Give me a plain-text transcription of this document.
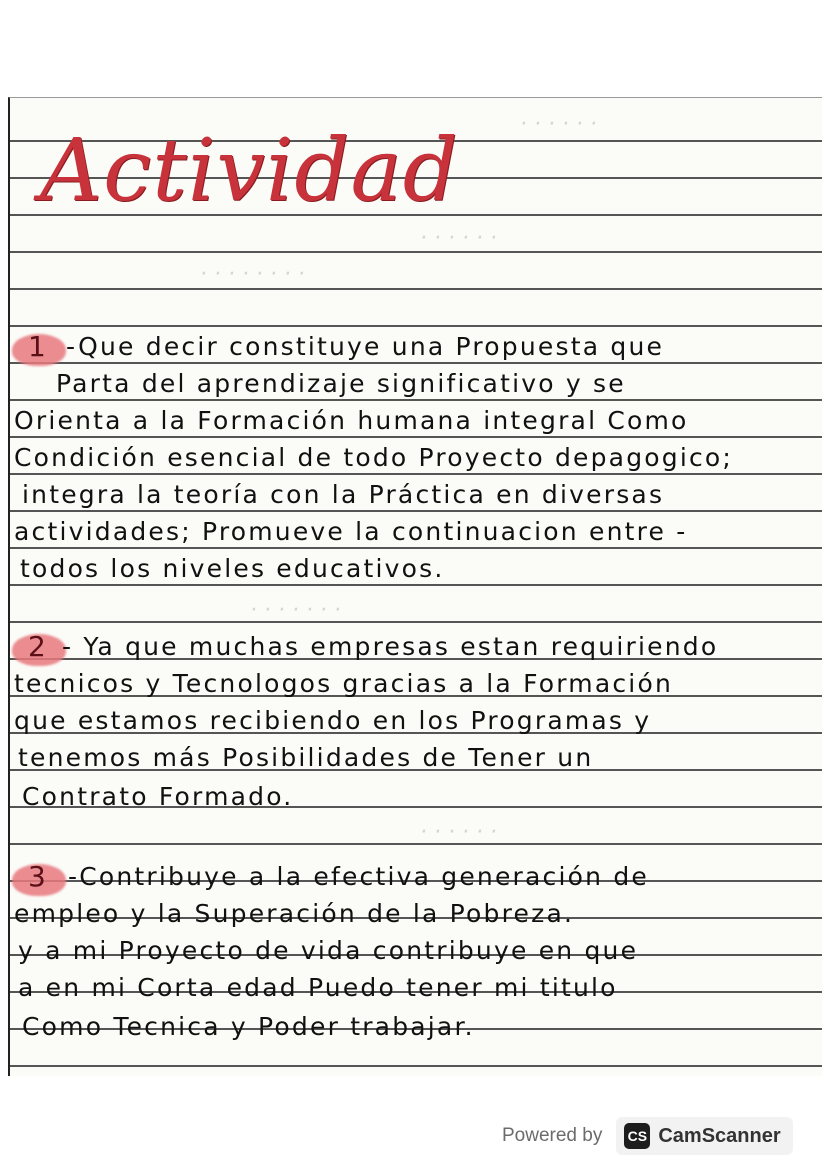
· · · · · ·
· · · · · ·
· · · · · · · ·
· · · · · · ·
· · · · · ·
Actividad
1 -Que decir constituye una Propuesta que
Parta del aprendizaje significativo y se
Orienta a la Formación humana integral Como
Condición esencial de todo Proyecto depagogico;
integra la teoría con la Práctica en diversas
actividades; Promueve la continuacion entre -
todos los niveles educativos.
2 - Ya que muchas empresas estan requiriendo
tecnicos y Tecnologos gracias a la Formación
que estamos recibiendo en los Programas y
tenemos más Posibilidades de Tener un
Contrato Formado.
3 -Contribuye a la efectiva generación de
empleo y la Superación de la Pobreza.
y a mi Proyecto de vida contribuye en que
a en mi Corta edad Puedo tener mi titulo
Como Tecnica y Poder trabajar.
Powered by CS CamScanner
